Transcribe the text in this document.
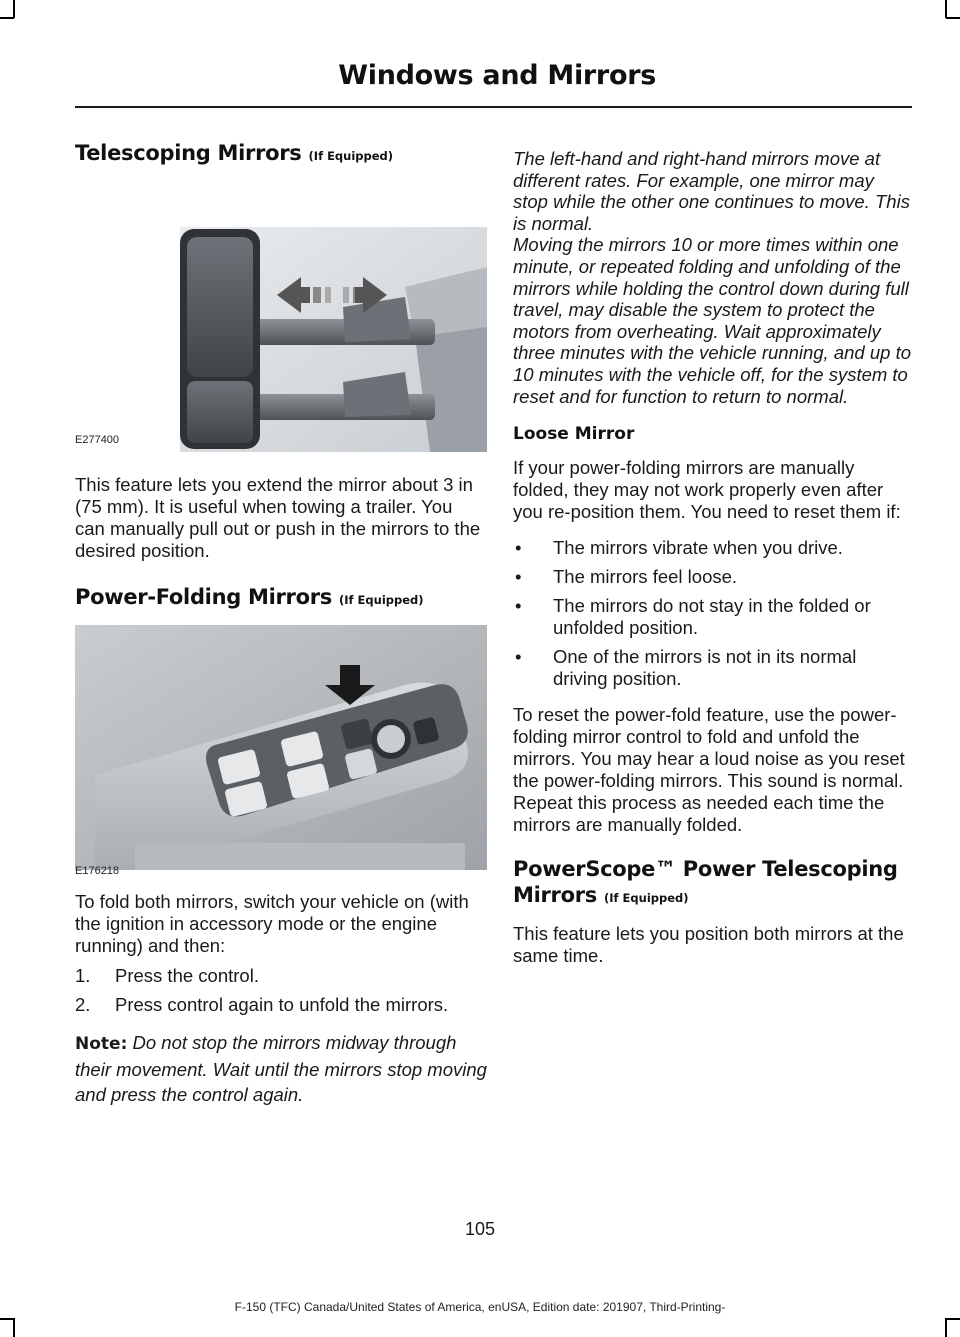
Windows and Mirrors
Telescoping Mirrors (If Equipped)
E277400

This feature lets you extend the mirror about 3 in (75 mm). It is useful when towing a trailer. You can manually pull out or push in the mirrors to the desired position.

Power-Folding Mirrors (If Equipped)
E176218

To fold both mirrors, switch your vehicle on (with the ignition in accessory mode or the engine running) and then:

1.	Press the control.
2.	Press control again to unfold the mirrors.

Note: Do not stop the mirrors midway through their movement. Wait until the mirrors stop moving and press the control again.

The left-hand and right-hand mirrors move at different rates. For example, one mirror may stop while the other one continues to move. This is normal.

Moving the mirrors 10 or more times within one minute, or repeated folding and unfolding of the mirrors while holding the control down during full travel, may disable the system to protect the motors from overheating. Wait approximately three minutes with the vehicle running, and up to 10 minutes with the vehicle off, for the system to reset and for function to return to normal.

Loose Mirror

If your power-folding mirrors are manually folded, they may not work properly even after you re-position them. You need to reset them if:

•	The mirrors vibrate when you drive.
•	The mirrors feel loose.
•	The mirrors do not stay in the folded or unfolded position.
•	One of the mirrors is not in its normal driving position.

To reset the power-fold feature, use the power-folding mirror control to fold and unfold the mirrors. You may hear a loud noise as you reset the power-folding mirrors. This sound is normal. Repeat this process as needed each time the mirrors are manually folded.

PowerScope™ Power Telescoping Mirrors (If Equipped)

This feature lets you position both mirrors at the same time.

105
F-150 (TFC) Canada/United States of America, enUSA, Edition date: 201907, Third-Printing-
